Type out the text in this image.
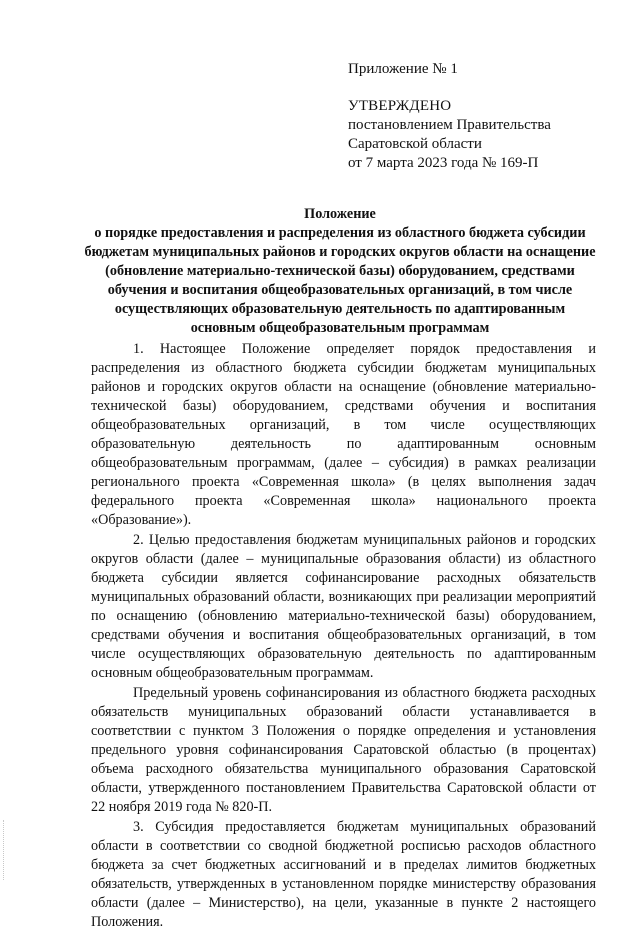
Приложение № 1
УТВЕРЖДЕНО
постановлением Правительства
Саратовской области
от 7 марта 2023 года № 169-П
Положение
о порядке предоставления и распределения из областного бюджета субсидии бюджетам муниципальных районов и городских округов области на оснащение (обновление материально-технической базы) оборудованием, средствами обучения и воспитания общеобразовательных организаций, в том числе осуществляющих образовательную деятельность по адаптированным основным общеобразовательным программам

1. Настоящее Положение определяет порядок предоставления и распределения из областного бюджета субсидии бюджетам муниципальных районов и городских округов области на оснащение (обновление материально-технической базы) оборудованием, средствами обучения и воспитания общеобразовательных организаций, в том числе осуществляющих образовательную деятельность по адаптированным основным общеобразовательным программам, (далее – субсидия) в рамках реализации регионального проекта «Современная школа» (в целях выполнения задач федерального проекта «Современная школа» национального проекта «Образование»).

2. Целью предоставления бюджетам муниципальных районов и городских округов области (далее – муниципальные образования области) из областного бюджета субсидии является софинансирование расходных обязательств муниципальных образований области, возникающих при реализации мероприятий по оснащению (обновлению материально-технической базы) оборудованием, средствами обучения и воспитания общеобразовательных организаций, в том числе осуществляющих образовательную деятельность по адаптированным основным общеобразовательным программам.

Предельный уровень софинансирования из областного бюджета расходных обязательств муниципальных образований области устанавливается в соответствии с пунктом 3 Положения о порядке определения и установления предельного уровня софинансирования Саратовской областью (в процентах) объема расходного обязательства муниципального образования Саратовской области, утвержденного постановлением Правительства Саратовской области от 22 ноября 2019 года № 820-П.

3. Субсидия предоставляется бюджетам муниципальных образований области в соответствии со сводной бюджетной росписью расходов областного бюджета за счет бюджетных ассигнований и в пределах лимитов бюджетных обязательств, утвержденных в установленном порядке министерству образования области (далее – Министерство), на цели, указанные в пункте 2 настоящего Положения.
